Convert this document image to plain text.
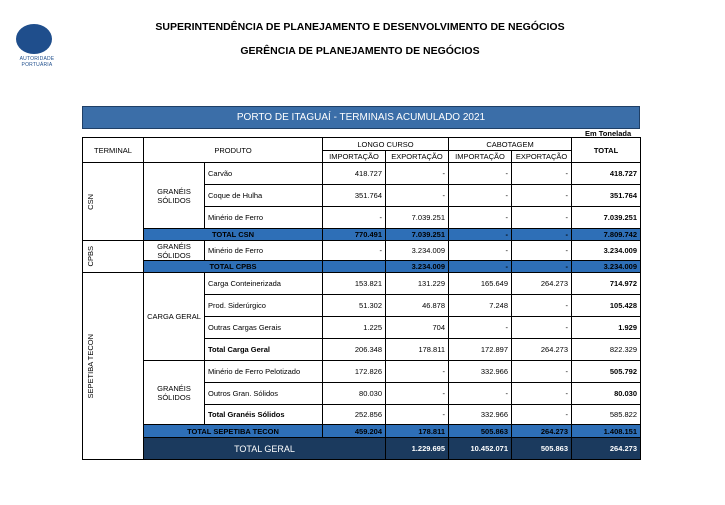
AUTORIDADE PORTUÁRIA
SUPERINTENDÊNCIA DE PLANEJAMENTO E DESENVOLVIMENTO DE NEGÓCIOS
GERÊNCIA DE PLANEJAMENTO DE NEGÓCIOS
PORTO DE ITAGUAÍ - TERMINAIS ACUMULADO 2021
Em Tonelada
TERMINAL	PRODUTO		LONGO CURSO		CABOTAGEM		TOTAL	
			IMPORTAÇÃO	EXPORTAÇÃO	IMPORTAÇÃO	EXPORTAÇÃO		

CSN	GRANÉIS SÓLIDOS	Carvão	418.727	-	-	-	418.727	
		Coque de Hulha	351.764	-	-	-	351.764	
		Minério de Ferro	-	7.039.251	-	-	7.039.251	
	TOTAL CSN		770.491	7.039.251	-	-	7.809.742	

CPBS	GRANÉIS SÓLIDOS	Minério de Ferro	-	3.234.009	-	-	3.234.009	
	TOTAL CPBS			3.234.009	-	-	3.234.009	

SEPETIBA TECON	CARGA GERAL	Carga Conteinerizada	153.821	131.229	165.649	264.273	714.972	
		Prod. Siderúrgico	51.302	46.878	7.248	-	105.428	
		Outras Cargas Gerais	1.225	704	-	-	1.929	
		Total Carga Geral	206.348	178.811	172.897	264.273	822.329	
	GRANÉIS SÓLIDOS	Minério de Ferro Pelotizado	172.826	-	332.966	-	505.792	
		Outros Gran. Sólidos	80.030	-	-	-	80.030	
		Total Granéis Sólidos	252.856	-	332.966	-	585.822	
	TOTAL SEPETIBA TECON		459.204	178.811	505.863	264.273	1.408.151	
	TOTAL GERAL			1.229.695	10.452.071	505.863	264.273	
